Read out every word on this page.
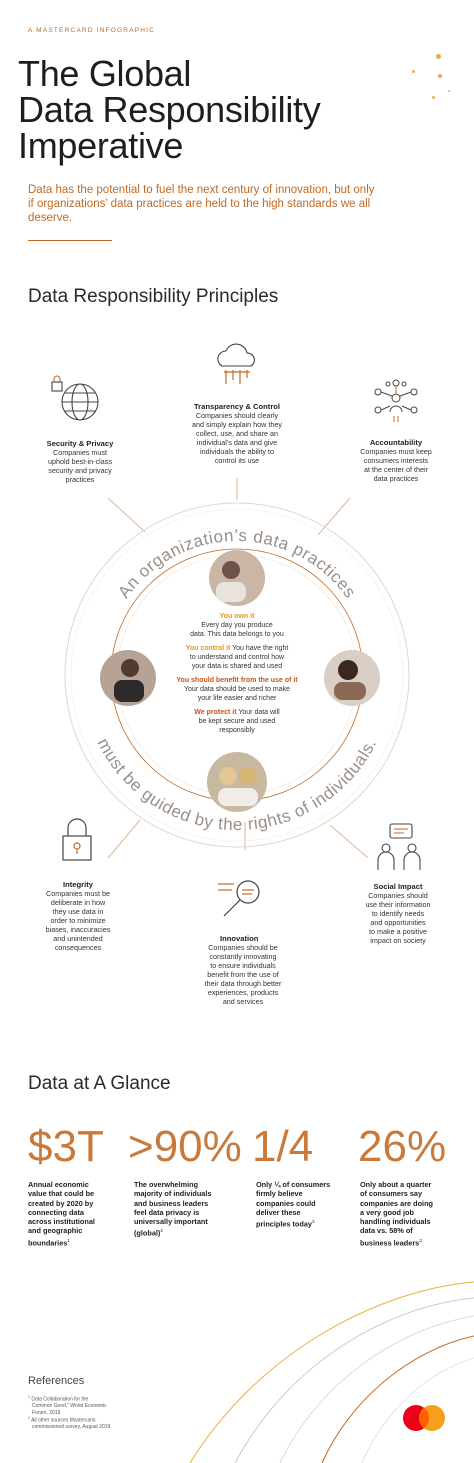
A MASTERCARD INFOGRAPHIC
The Global
Data Responsibility
Imperative
Data has the potential to fuel the next century of innovation, but only if organizations’ data practices are held to the high standards we all deserve.
Data Responsibility Principles
An organization’s data practices
must be guided by the rights of individuals.
Security & Privacy
Companies must
uphold best-in-class
security and privacy
practices
Transparency & Control
Companies should clearly
and simply explain how they
collect, use, and share an
individual’s data and give
individuals the ability to
control its use
Accountability
Companies must keep
consumers interests
at the center of their
data practices
Integrity
Companies must be
deliberate in how
they use data in
order to minimize
biases, inaccuracies
and unintended
consequences
Innovation
Companies should be
constantly innovating
to ensure individuals
benefit from the use of
their data through better
experiences, products
and services
Social Impact
Companies should
use their information
to identify needs
and opportunities
to make a positive
impact on society
You own it
Every day you produce
data. This data belongs to you
You control it You have the right
to understand and control how
your data is shared and used
You should benefit from the use of it
Your data should be used to make
your life easier and richer
We protect it Your data will
be kept secure and used
responsibly
Data at A Glance
$3T
Annual economic
value that could be
created by 2020 by
connecting data
across institutional
and geographic
boundaries$^1$
>90%
The overwhelming
majority of individuals
and business leaders
feel data privacy is
universally important
(global)$^2$
1/4
Only ¼ of consumers
firmly believe
companies could
deliver these
principles today$^3$
26%
Only about a quarter
of consumers say
companies are doing
a very good job
handling individuals
data vs. 58% of
business leaders$^3$
References
$^1$ Data Collaboration for the
Common Good,” World Economic
Forum, 2019
$^2$ All other sources Mastercard-
commissioned survey, August 2019
